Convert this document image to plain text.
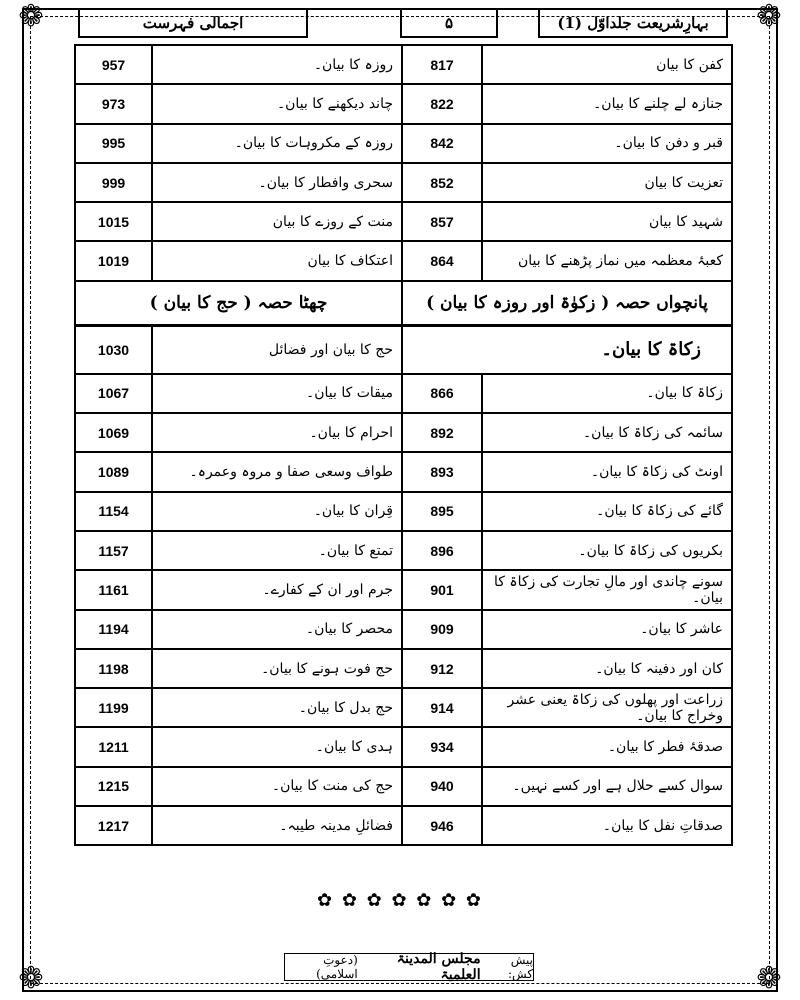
❁	❁
❁	❁
بہارِشریعت جلداوّل (1)
۵
اجمالی فہرست
کفن کا بیان	817	روزہ کا بیان۔	957
جنازہ لے چلنے کا بیان۔	822	چاند دیکھنے کا بیان۔	973
قبر و دفن کا بیان۔	842	روزہ کے مکروہات کا بیان۔	995
تعزیت کا بیان	852	سحری وافطار کا بیان۔	999
شہید کا بیان	857	منت کے روزے کا بیان	1015
کعبۂ معظمہ میں نماز پڑھنے کا بیان	864	اعتکاف کا بیان	1019
پانچواں حصہ ( زکوٰۃ اور روزہ کا بیان )		چھٹا حصہ ( حج کا بیان )	
زکاۃ کا بیان۔		حج کا بیان اور فضائل	1030
زکاۃ کا بیان۔	866	میقات کا بیان۔	1067
سائمہ کی زکاۃ کا بیان۔	892	احرام کا بیان۔	1069
اونٹ کی زکاۃ کا بیان۔	893	طواف وسعی صفا و مروہ وعمرہ۔	1089
گائے کی زکاۃ کا بیان۔	895	قِران کا بیان۔	1154
بکریوں کی زکاۃ کا بیان۔	896	تمتع کا بیان۔	1157
سونے چاندی اور مالِ تجارت کی زکاۃ کا بیان۔	901	جرم اور ان کے کفارے۔	1161
عاشر کا بیان۔	909	محصر کا بیان۔	1194
کان اور دفینہ کا بیان۔	912	حج فوت ہونے کا بیان۔	1198
زراعت اور پھلوں کی زکاۃ یعنی عشر وخراج کا بیان۔	914	حج بدل کا بیان۔	1199
صدقۂ فطر کا بیان۔	934	ہدی کا بیان۔	1211
سوال کسے حلال ہے اور کسے نہیں۔	940	حج کی منت کا بیان۔	1215
صدقاتِ نفل کا بیان۔	946	فضائلِ مدینہ طیبہ۔	1217
✿ ✿ ✿ ✿ ✿ ✿ ✿
پیش کش:
مجلس المدینۃ العلمیۃ
(دعوتِ اسلامی)
